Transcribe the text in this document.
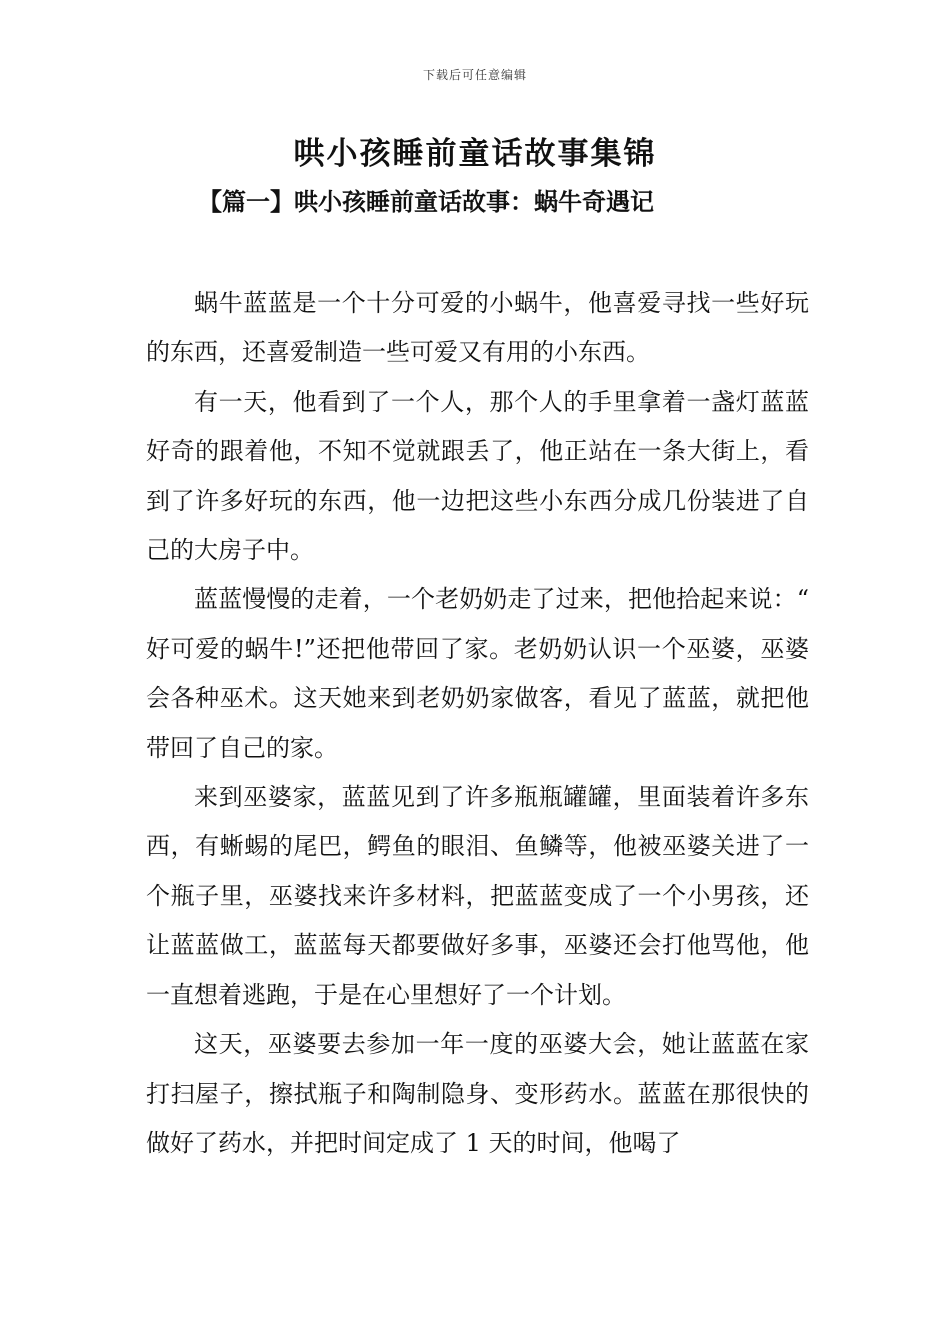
下载后可任意编辑
哄小孩睡前童话故事集锦
【篇一】哄小孩睡前童话故事：蜗牛奇遇记

蜗牛蓝蓝是一个十分可爱的小蜗牛，他喜爱寻找一些好玩的东西，还喜爱制造一些可爱又有用的小东西。

有一天，他看到了一个人，那个人的手里拿着一盏灯蓝蓝好奇的跟着他，不知不觉就跟丢了，他正站在一条大街上，看到了许多好玩的东西，他一边把这些小东西分成几份装进了自己的大房子中。

蓝蓝慢慢的走着，一个老奶奶走了过来，把他拾起来说：“好可爱的蜗牛!”还把他带回了家。老奶奶认识一个巫婆，巫婆会各种巫术。这天她来到老奶奶家做客，看见了蓝蓝，就把他带回了自己的家。

来到巫婆家，蓝蓝见到了许多瓶瓶罐罐，里面装着许多东西，有蜥蜴的尾巴，鳄鱼的眼泪、鱼鳞等，他被巫婆关进了一个瓶子里，巫婆找来许多材料，把蓝蓝变成了一个小男孩，还让蓝蓝做工，蓝蓝每天都要做好多事，巫婆还会打他骂他，他一直想着逃跑，于是在心里想好了一个计划。

这天，巫婆要去参加一年一度的巫婆大会，她让蓝蓝在家打扫屋子，擦拭瓶子和陶制隐身、变形药水。蓝蓝在那很快的做好了药水，并把时间定成了 1 天的时间，他喝了
